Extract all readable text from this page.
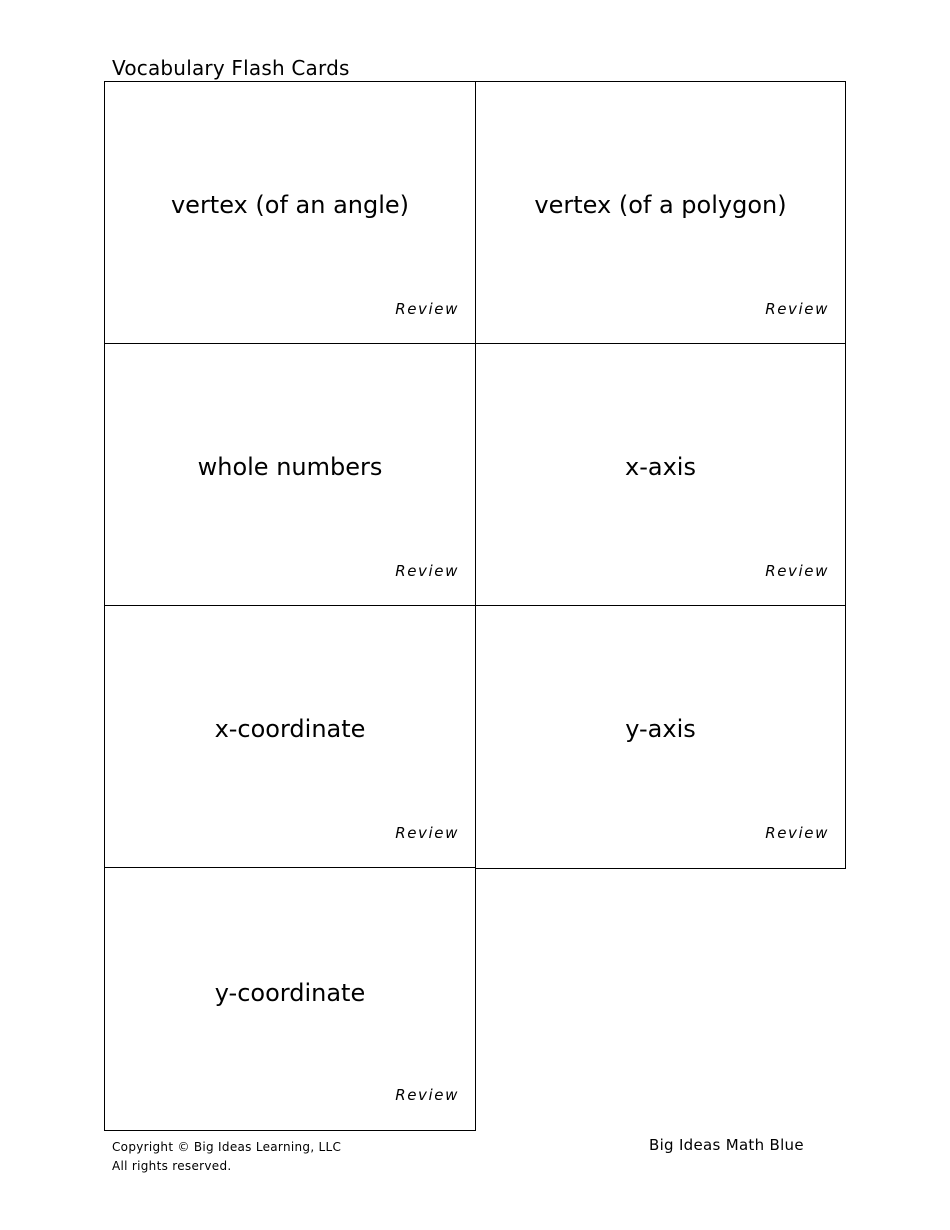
Vocabulary Flash Cards
vertex (of an angle)
Review
vertex (of a polygon)
Review
whole numbers
Review
x-axis
Review
x-coordinate
Review
y-axis
Review
y-coordinate
Review
Copyright © Big Ideas Learning, LLC
All rights reserved.
Big Ideas Math Blue
